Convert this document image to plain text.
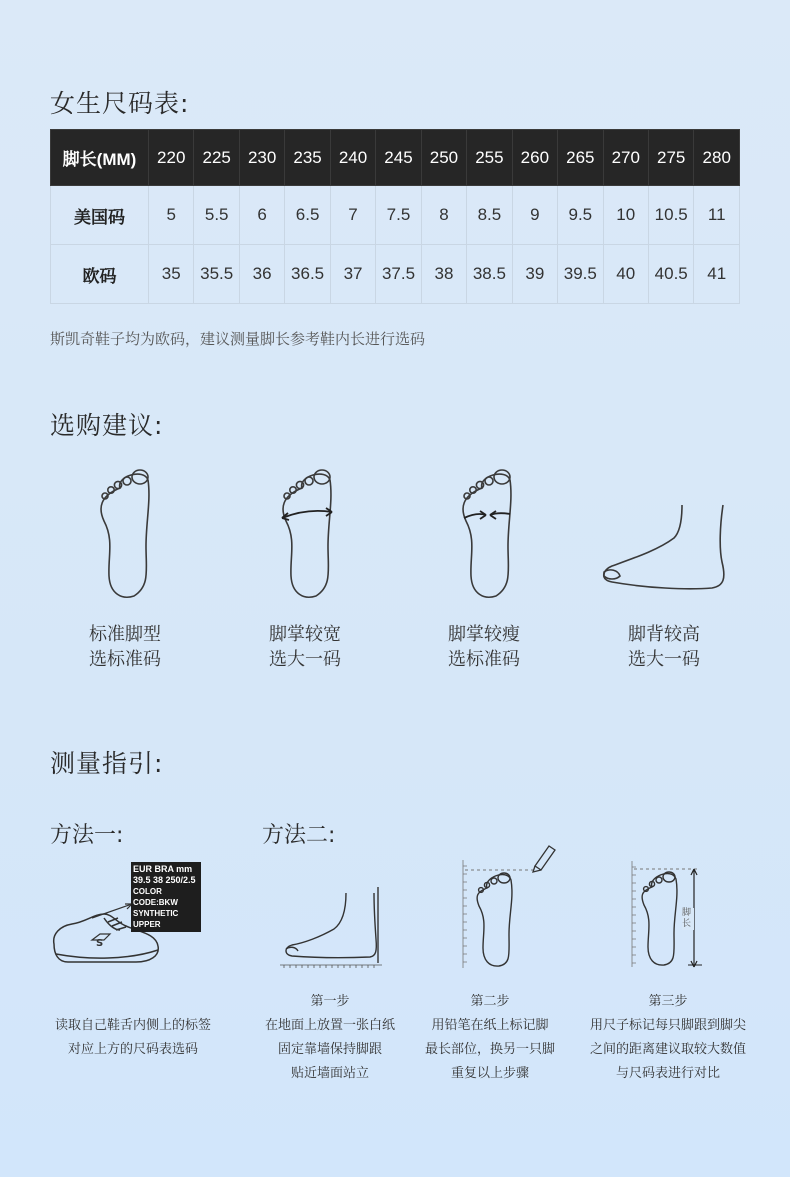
女生尺码表:
脚长(MM)	220	225	230	235	240	245	250	255	260	265	270	275	280
美国码	5	5.5	6	6.5	7	7.5	8	8.5	9	9.5	10	10.5	11
欧码	35	35.5	36	36.5	37	37.5	38	38.5	39	39.5	40	40.5	41
斯凯奇鞋子均为欧码，建议测量脚长参考鞋内长进行选码
选购建议:
标准脚型
选标准码
脚掌较宽
选大一码
脚掌较瘦
选标准码
脚背较高
选大一码
测量指引:
方法一:	方法二:
S
EUR BRA mm
39.5 38 250/2.5
COLOR CODE:BKW
SYNTHETIC UPPER
脚长
第一步	第二步	第三步
读取自己鞋舌内侧上的标签
对应上方的尺码表选码
在地面上放置一张白纸
固定靠墙保持脚跟
贴近墙面站立
用铅笔在纸上标记脚
最长部位，换另一只脚
重复以上步骤
用尺子标记每只脚跟到脚尖
之间的距离建议取较大数值
与尺码表进行对比
